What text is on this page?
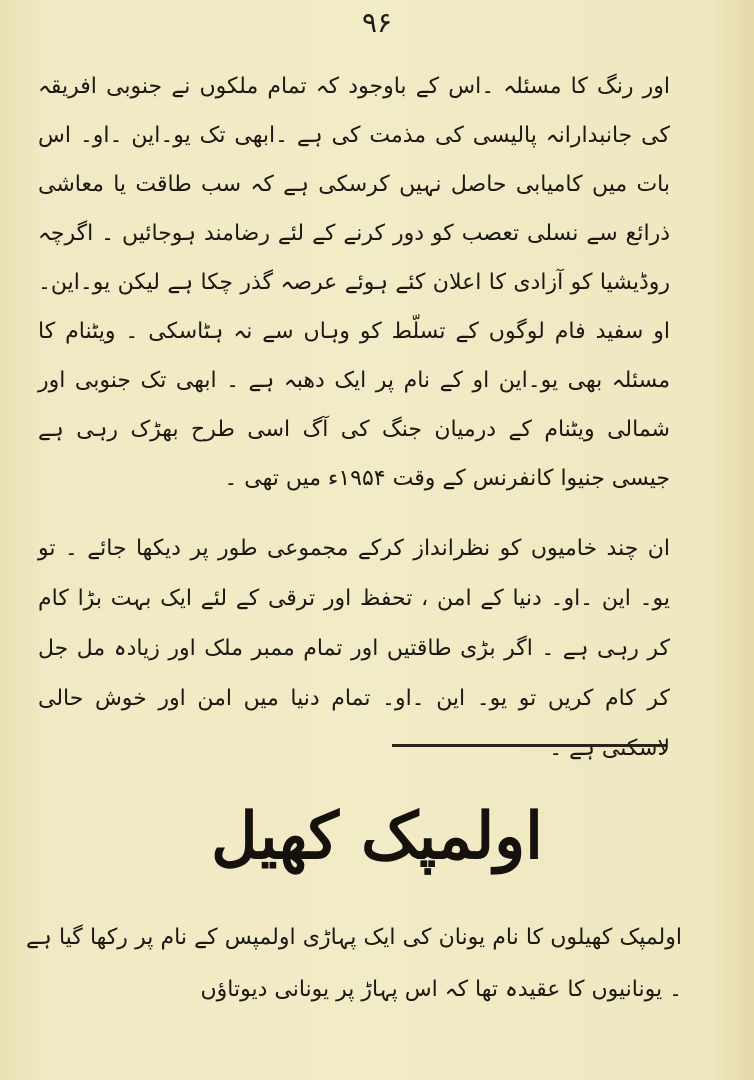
۹۶

اور رنگ کا مسئلہ ۔اس کے باوجود کہ تمام ملکوں نے جنوبی افریقہ کی جانبدارانہ پالیسی کی مذمت کی ہے ۔ابھی تک یو۔این ۔او۔ اس بات میں کامیابی حاصل نہیں کرسکی ہے کہ سب طاقت یا معاشی ذرائع سے نسلی تعصب کو دور کرنے کے لئے رضامند ہوجائیں ۔ اگرچہ روڈیشیا کو آزادی کا اعلان کئے ہوئے عرصہ گذر چکا ہے لیکن یو۔این۔او سفید فام لوگوں کے تسلّط کو وہاں سے نہ ہٹاسکی ۔ ویٹنام کا مسئلہ بھی یو۔این او کے نام پر ایک دھبہ ہے ۔ ابھی تک جنوبی اور شمالی ویٹنام کے درمیان جنگ کی آگ اسی طرح بھڑک رہی ہے جیسی جنیوا کانفرنس کے وقت ۱۹۵۴ء میں تھی ۔

ان چند خامیوں کو نظرانداز کرکے مجموعی طور پر دیکھا جائے ۔ تو یو۔ این ۔او۔ دنیا کے امن ، تحفظ اور ترقی کے لئے ایک بہت بڑا کام کر رہی ہے ۔ اگر بڑی طاقتیں اور تمام ممبر ملک اور زیادہ مل جل کر کام کریں تو یو۔ این ۔او۔ تمام دنیا میں امن اور خوش حالی لاسکتی ہے ۔

اولمپک کھیل

اولمپک کھیلوں کا نام یونان کی ایک پہاڑی اولمپس کے نام پر رکھا گیا ہے ۔ یونانیوں کا عقیدہ تھا کہ اس پہاڑ پر یونانی دیوتاؤں
